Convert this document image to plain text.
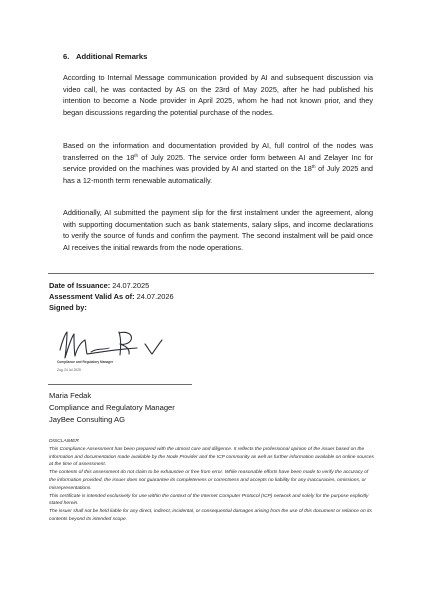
6. Additional Remarks

According to Internal Message communication provided by AI and subsequent discussion via video call, he was contacted by AS on the 23rd of May 2025, after he had published his intention to become a Node provider in April 2025, whom he had not known prior, and they began discussions regarding the potential purchase of the nodes.

Based on the information and documentation provided by AI, full control of the nodes was transferred on the 18th of July 2025. The service order form between AI and Zelayer Inc for service provided on the machines was provided by AI and started on the 18th of July 2025 and has a 12-month term renewable automatically.

Additionally, AI submitted the payment slip for the first instalment under the agreement, along with supporting documentation such as bank statements, salary slips, and income declarations to verify the source of funds and confirm the payment. The second instalment will be paid once AI receives the initial rewards from the node operations.

Date of Issuance: 24.07.2025
Assessment Valid As of: 24.07.2026
Signed by:
Compliance and Regulatory Manager
Zug, 24 Jul 2025
Maria Fedak
Compliance and Regulatory Manager
JayBee Consulting AG
DISCLAIMER
This Compliance Assessment has been prepared with the utmost care and diligence. It reflects the professional opinion of the issuer based on the information and documentation made available by the Node Provider and the ICP community as well as further information available on online sources at the time of assessment.
The contents of this assessment do not claim to be exhaustive or free from error. While reasonable efforts have been made to verify the accuracy of the information provided, the issuer does not guarantee its completeness or correctness and accepts no liability for any inaccuracies, omissions, or misrepresentations.
This certificate is intended exclusively for use within the context of the Internet Computer Protocol (ICP) network and solely for the purpose explicitly stated herein.
The issuer shall not be held liable for any direct, indirect, incidental, or consequential damages arising from the use of this document or reliance on its contents beyond its intended scope.
